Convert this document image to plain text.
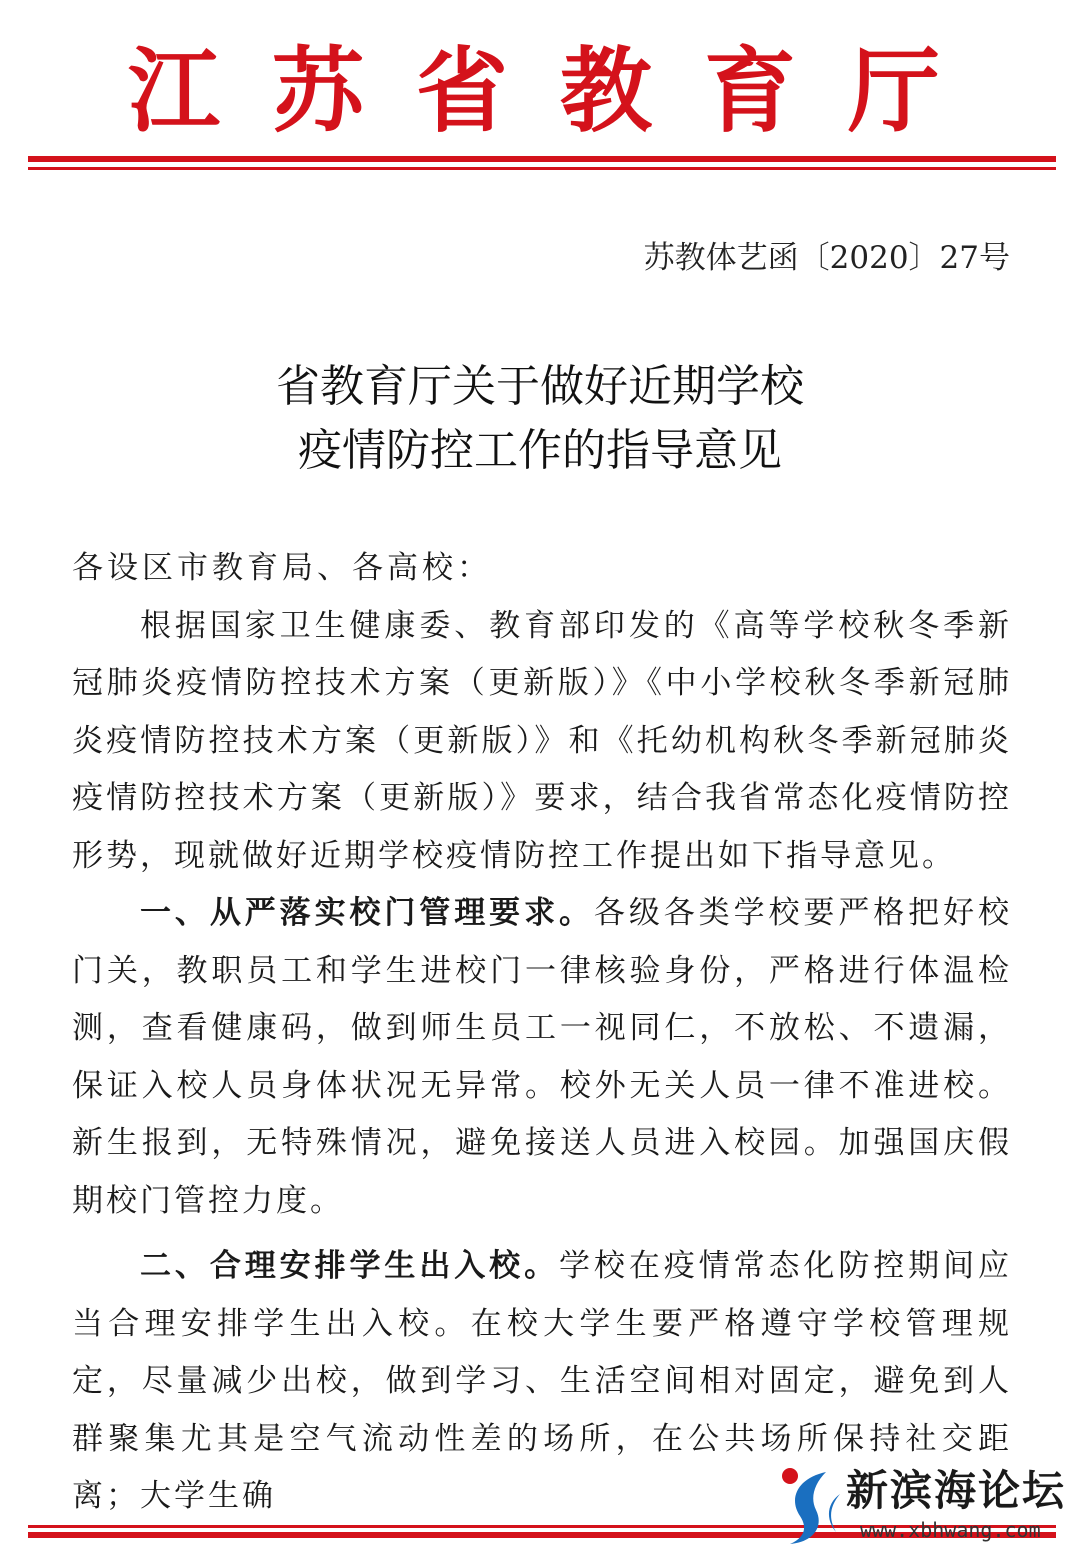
江苏省教育厅
苏教体艺函〔2020〕27号
省教育厅关于做好近期学校
疫情防控工作的指导意见

各设区市教育局、各高校：

根据国家卫生健康委、教育部印发的《高等学校秋冬季新冠肺炎疫情防控技术方案（更新版）》《中小学校秋冬季新冠肺炎疫情防控技术方案（更新版）》和《托幼机构秋冬季新冠肺炎疫情防控技术方案（更新版）》要求，结合我省常态化疫情防控形势，现就做好近期学校疫情防控工作提出如下指导意见。

一、从严落实校门管理要求。各级各类学校要严格把好校门关，教职员工和学生进校门一律核验身份，严格进行体温检测，查看健康码，做到师生员工一视同仁，不放松、不遗漏，保证入校人员身体状况无异常。校外无关人员一律不准进校。新生报到，无特殊情况，避免接送人员进入校园。加强国庆假期校门管控力度。

二、合理安排学生出入校。学校在疫情常态化防控期间应当合理安排学生出入校。在校大学生要严格遵守学校管理规定，尽量减少出校，做到学习、生活空间相对固定，避免到人群聚集尤其是空气流动性差的场所，在公共场所保持社交距离；大学生确	新滨海论坛
www.xbhwang.com
